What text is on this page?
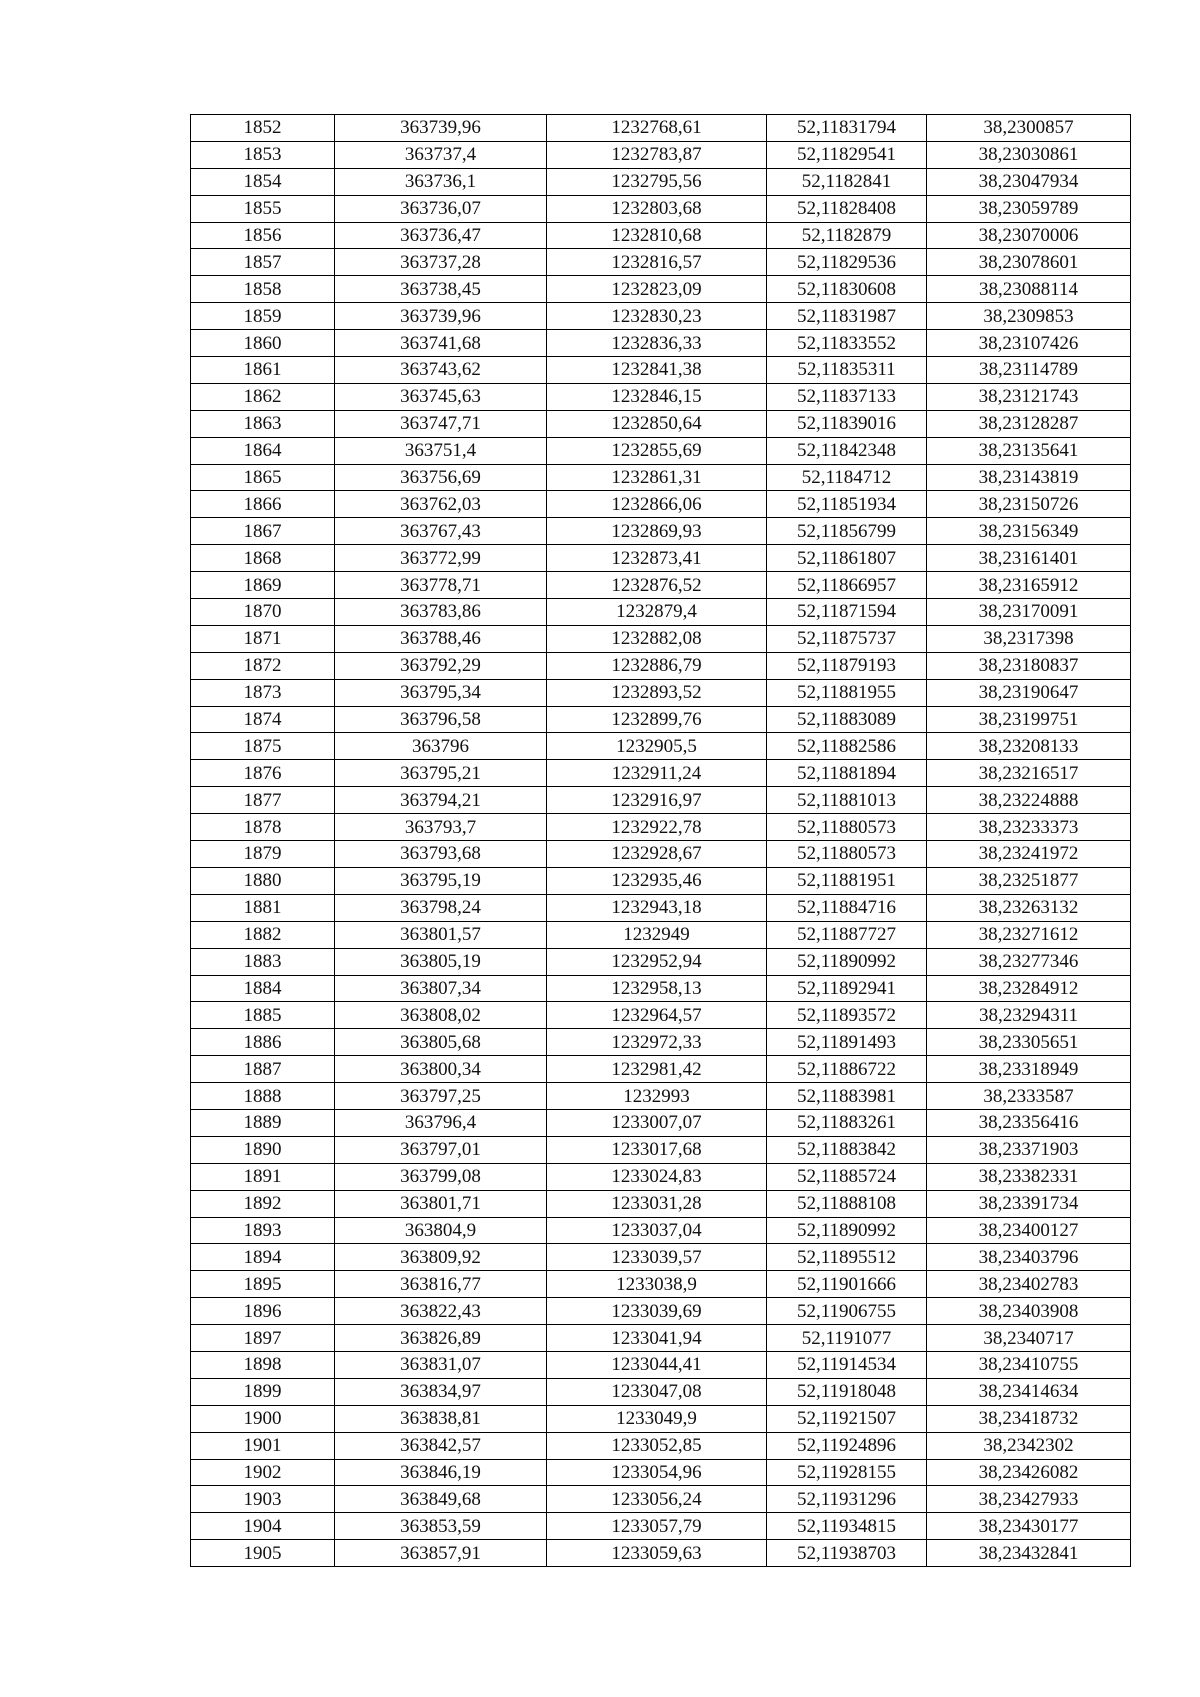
1852	363739,96	1232768,61	52,11831794	38,2300857
1853	363737,4	1232783,87	52,11829541	38,23030861
1854	363736,1	1232795,56	52,1182841	38,23047934
1855	363736,07	1232803,68	52,11828408	38,23059789
1856	363736,47	1232810,68	52,1182879	38,23070006
1857	363737,28	1232816,57	52,11829536	38,23078601
1858	363738,45	1232823,09	52,11830608	38,23088114
1859	363739,96	1232830,23	52,11831987	38,2309853
1860	363741,68	1232836,33	52,11833552	38,23107426
1861	363743,62	1232841,38	52,11835311	38,23114789
1862	363745,63	1232846,15	52,11837133	38,23121743
1863	363747,71	1232850,64	52,11839016	38,23128287
1864	363751,4	1232855,69	52,11842348	38,23135641
1865	363756,69	1232861,31	52,1184712	38,23143819
1866	363762,03	1232866,06	52,11851934	38,23150726
1867	363767,43	1232869,93	52,11856799	38,23156349
1868	363772,99	1232873,41	52,11861807	38,23161401
1869	363778,71	1232876,52	52,11866957	38,23165912
1870	363783,86	1232879,4	52,11871594	38,23170091
1871	363788,46	1232882,08	52,11875737	38,2317398
1872	363792,29	1232886,79	52,11879193	38,23180837
1873	363795,34	1232893,52	52,11881955	38,23190647
1874	363796,58	1232899,76	52,11883089	38,23199751
1875	363796	1232905,5	52,11882586	38,23208133
1876	363795,21	1232911,24	52,11881894	38,23216517
1877	363794,21	1232916,97	52,11881013	38,23224888
1878	363793,7	1232922,78	52,11880573	38,23233373
1879	363793,68	1232928,67	52,11880573	38,23241972
1880	363795,19	1232935,46	52,11881951	38,23251877
1881	363798,24	1232943,18	52,11884716	38,23263132
1882	363801,57	1232949	52,11887727	38,23271612
1883	363805,19	1232952,94	52,11890992	38,23277346
1884	363807,34	1232958,13	52,11892941	38,23284912
1885	363808,02	1232964,57	52,11893572	38,23294311
1886	363805,68	1232972,33	52,11891493	38,23305651
1887	363800,34	1232981,42	52,11886722	38,23318949
1888	363797,25	1232993	52,11883981	38,2333587
1889	363796,4	1233007,07	52,11883261	38,23356416
1890	363797,01	1233017,68	52,11883842	38,23371903
1891	363799,08	1233024,83	52,11885724	38,23382331
1892	363801,71	1233031,28	52,11888108	38,23391734
1893	363804,9	1233037,04	52,11890992	38,23400127
1894	363809,92	1233039,57	52,11895512	38,23403796
1895	363816,77	1233038,9	52,11901666	38,23402783
1896	363822,43	1233039,69	52,11906755	38,23403908
1897	363826,89	1233041,94	52,1191077	38,2340717
1898	363831,07	1233044,41	52,11914534	38,23410755
1899	363834,97	1233047,08	52,11918048	38,23414634
1900	363838,81	1233049,9	52,11921507	38,23418732
1901	363842,57	1233052,85	52,11924896	38,2342302
1902	363846,19	1233054,96	52,11928155	38,23426082
1903	363849,68	1233056,24	52,11931296	38,23427933
1904	363853,59	1233057,79	52,11934815	38,23430177
1905	363857,91	1233059,63	52,11938703	38,23432841
